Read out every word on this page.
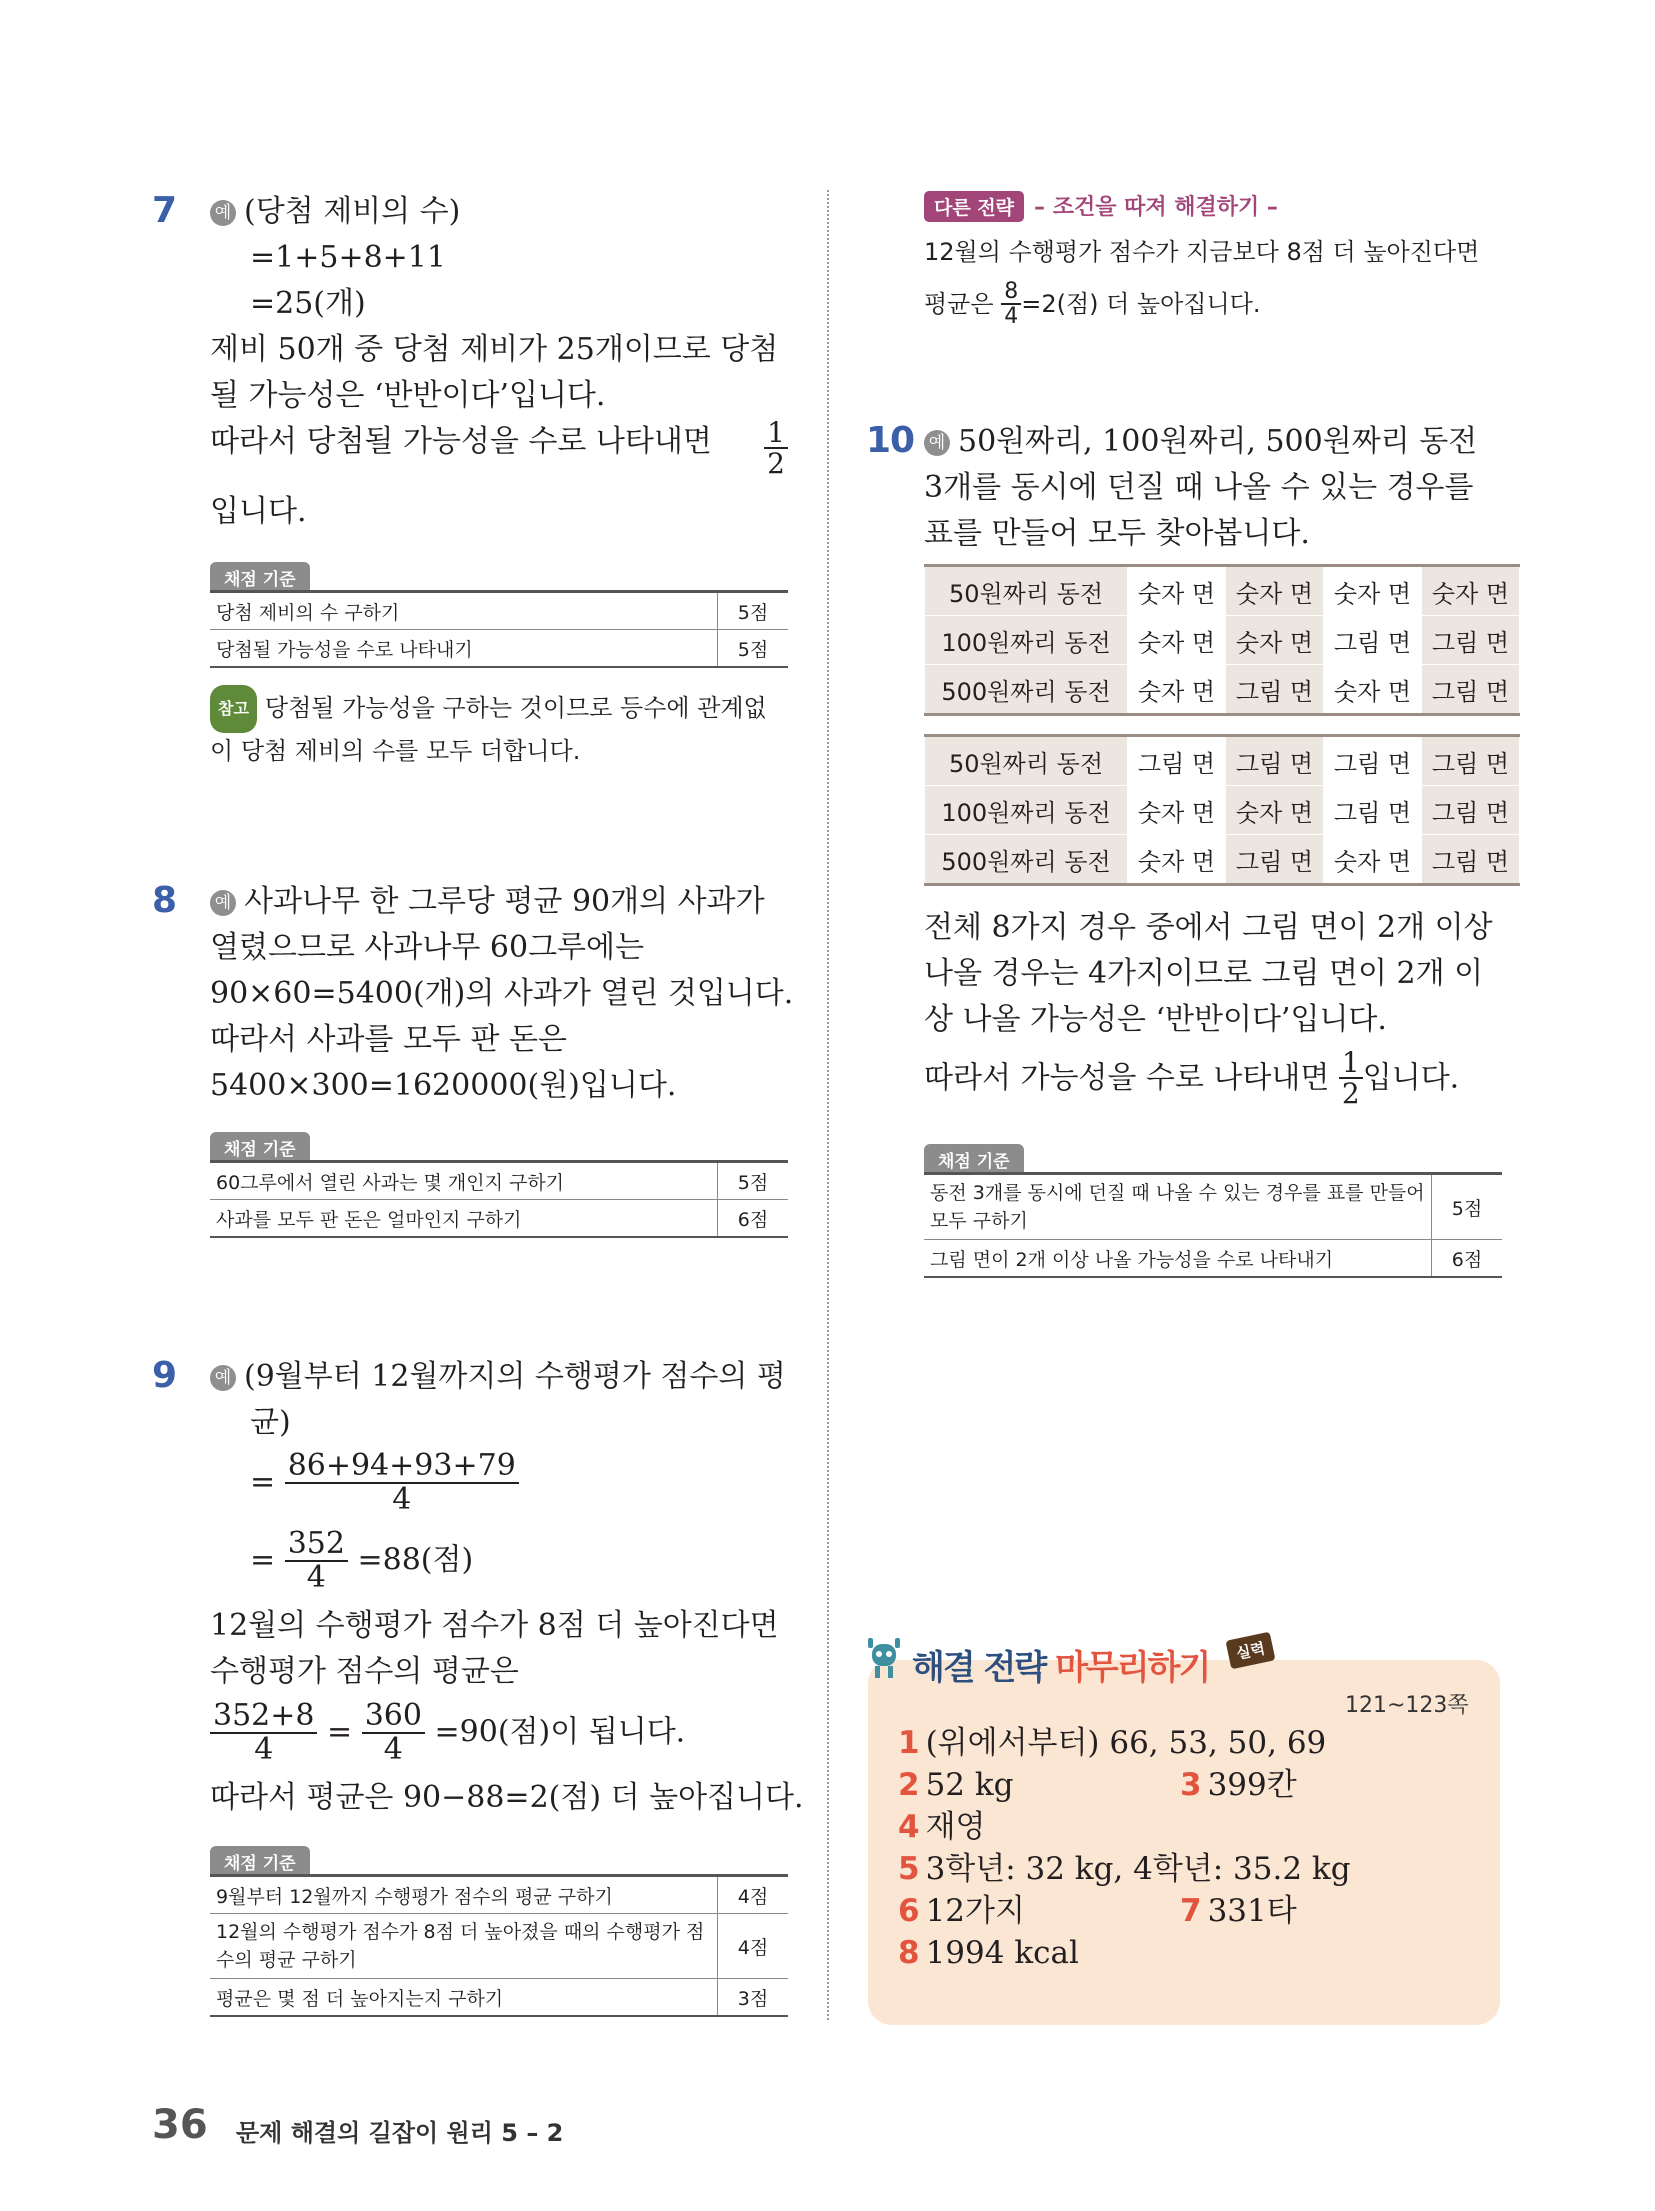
7 예 (당첨 제비의 수)
=1+5+8+11
=25(개)
제비 50개 중 당첨 제비가 25개이므로 당첨
될 가능성은 ‘반반이다’입니다.
따라서 당첨될 가능성을 수로 나타내면 $\frac{1}{2}$
입니다.
채점 기준
당첨 제비의 수 구하기	5점
당첨될 가능성을 수로 나타내기	5점
참고 당첨될 가능성을 구하는 것이므로 등수에 관계없
이 당첨 제비의 수를 모두 더합니다.
8 예 사과나무 한 그루당 평균 90개의 사과가
열렸으므로 사과나무 60그루에는
90×60=5400(개)의 사과가 열린 것입니다.
따라서 사과를 모두 판 돈은
5400×300=1620000(원)입니다.
채점 기준
60그루에서 열린 사과는 몇 개인지 구하기	5점
사과를 모두 판 돈은 얼마인지 구하기	6점
9 예 (9월부터 12월까지의 수행평가 점수의 평
균)
= $\frac{86+94+93+79}{4}$
= $\frac{352}{4} =88$(점)
12월의 수행평가 점수가 8점 더 높아진다면
수행평가 점수의 평균은
$\frac{352+8}{4} = \frac{360}{4} =90$(점)이 됩니다.
따라서 평균은 90−88=2(점) 더 높아집니다.
채점 기준
9월부터 12월까지 수행평가 점수의 평균 구하기	4점
12월의 수행평가 점수가 8점 더 높아졌을 때의 수행평가 점수의 평균 구하기	4점
평균은 몇 점 더 높아지는지 구하기	3점
다른 전략 – 조건을 따져 해결하기 –
12월의 수행평가 점수가 지금보다 8점 더 높아진다면
평균은 $\frac{8}{4} =2$(점) 더 높아집니다.
10 예 50원짜리, 100원짜리, 500원짜리 동전
3개를 동시에 던질 때 나올 수 있는 경우를
표를 만들어 모두 찾아봅니다.
50원짜리 동전	숫자 면	숫자 면	숫자 면	숫자 면
100원짜리 동전	숫자 면	숫자 면	그림 면	그림 면
500원짜리 동전	숫자 면	그림 면	숫자 면	그림 면
50원짜리 동전	그림 면	그림 면	그림 면	그림 면
100원짜리 동전	숫자 면	숫자 면	그림 면	그림 면
500원짜리 동전	숫자 면	그림 면	숫자 면	그림 면
전체 8가지 경우 중에서 그림 면이 2개 이상
나올 경우는 4가지이므로 그림 면이 2개 이
상 나올 가능성은 ‘반반이다’입니다.
따라서 가능성을 수로 나타내면 $\frac{1}{2}$ 입니다.
채점 기준
동전 3개를 동시에 던질 때 나올 수 있는 경우를 표를 만들어 모두 구하기	5점
그림 면이 2개 이상 나올 가능성을 수로 나타내기	6점
해결 전략 마무리하기	실력
121~123쪽
1 (위에서부터) 66, 53, 50, 69
2 52 kg	3 399칸
4 재영
5 3학년: 32 kg, 4학년: 35.2 kg
6 12가지	7 331타
8 1994 kcal
36 문제 해결의 길잡이 원리 5 – 2
